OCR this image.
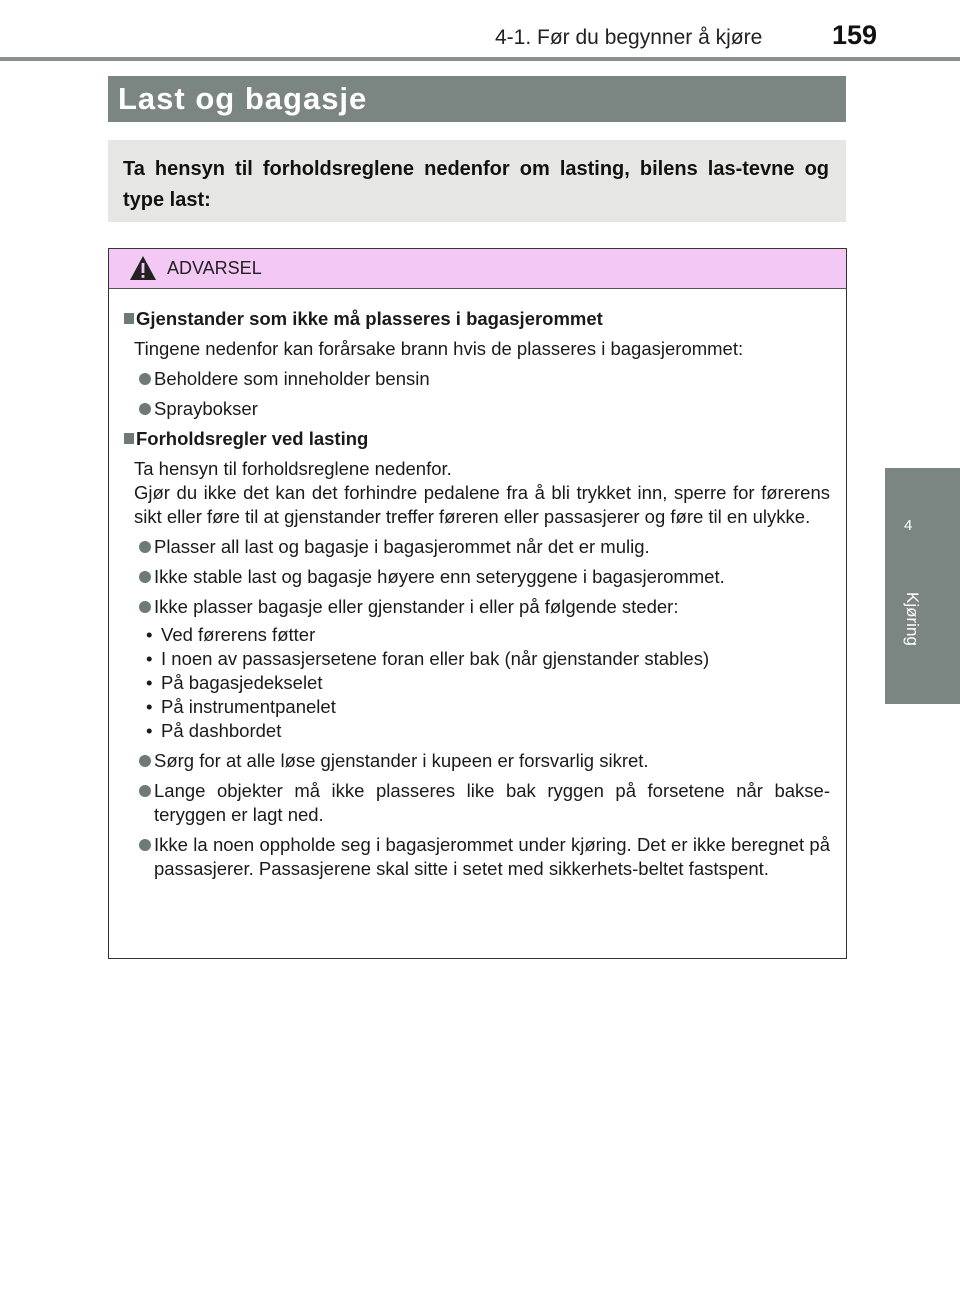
4-1. Før du begynner å kjøre	159
Last og bagasje
Ta hensyn til forholdsreglene nedenfor om lasting, bilens las-tevne og type last:
4
Kjøring
ADVARSEL
Gjenstander som ikke må plasseres i bagasjerommet
Tingene nedenfor kan forårsake brann hvis de plasseres i bagasjerommet:
Beholdere som inneholder bensin
Spraybokser
Forholdsregler ved lasting
Ta hensyn til forholdsreglene nedenfor.
Gjør du ikke det kan det forhindre pedalene fra å bli trykket inn, sperre for førerens sikt eller føre til at gjenstander treffer føreren eller passasjerer og føre til en ulykke.
Plasser all last og bagasje i bagasjerommet når det er mulig.
Ikke stable last og bagasje høyere enn seteryggene i bagasjerommet.
Ikke plasser bagasje eller gjenstander i eller på følgende steder:
• Ved førerens føtter
• I noen av passasjersetene foran eller bak (når gjenstander stables)
• På bagasjedekselet
• På instrumentpanelet
• På dashbordet
Sørg for at alle løse gjenstander i kupeen er forsvarlig sikret.
Lange objekter må ikke plasseres like bak ryggen på forsetene når bakse-teryggen er lagt ned.
Ikke la noen oppholde seg i bagasjerommet under kjøring. Det er ikke beregnet på passasjerer. Passasjerene skal sitte i setet med sikkerhets-beltet fastspent.
